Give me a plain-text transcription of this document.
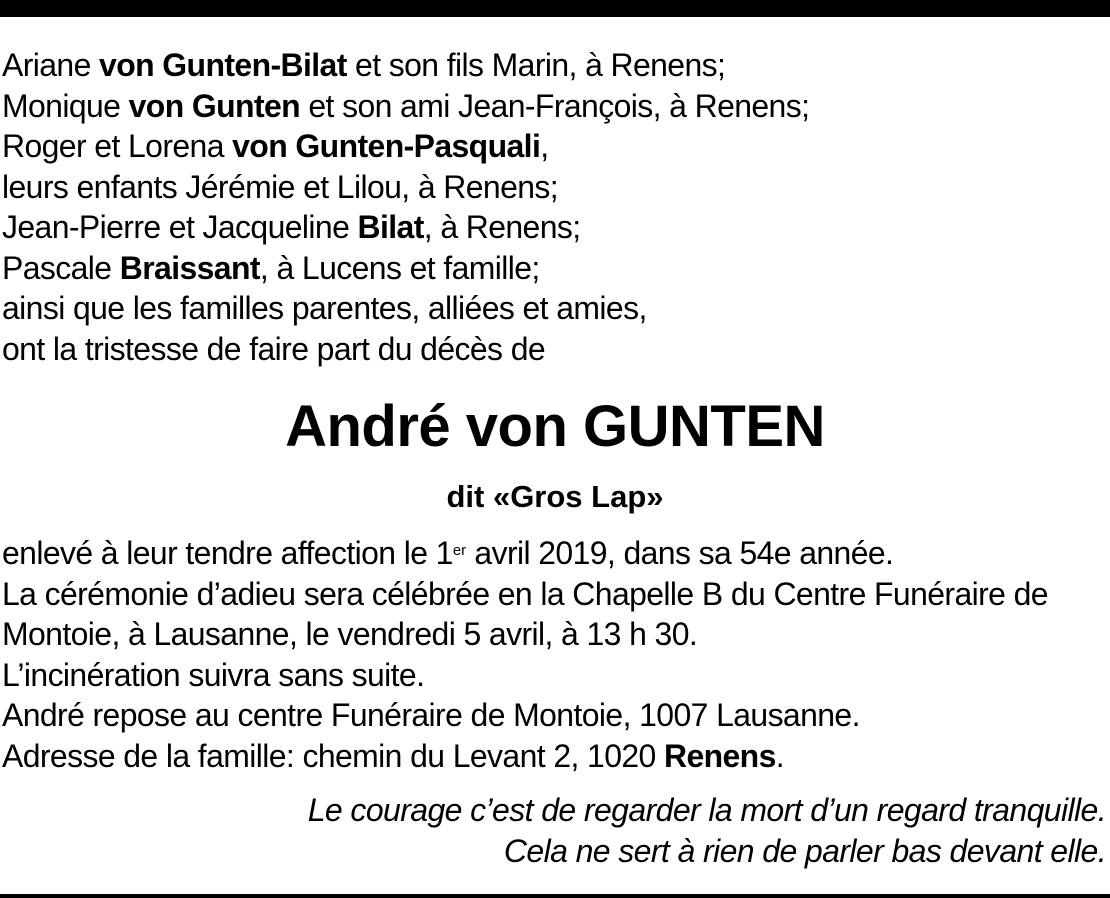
Ariane von Gunten-Bilat et son fils Marin, à Renens;
Monique von Gunten et son ami Jean-François, à Renens;
Roger et Lorena von Gunten-Pasquali,
leurs enfants Jérémie et Lilou, à Renens;
Jean-Pierre et Jacqueline Bilat, à Renens;
Pascale Braissant, à Lucens et famille;
ainsi que les familles parentes, alliées et amies,
ont la tristesse de faire part du décès de
André von GUNTEN
dit «Gros Lap»
enlevé à leur tendre affection le 1er avril 2019, dans sa 54e année.
La cérémonie d’adieu sera célébrée en la Chapelle B du Centre Funéraire de
Montoie, à Lausanne, le vendredi 5 avril, à 13 h 30.
L’incinération suivra sans suite.
André repose au centre Funéraire de Montoie, 1007 Lausanne.
Adresse de la famille: chemin du Levant 2, 1020 Renens.
Le courage c’est de regarder la mort d’un regard tranquille.
Cela ne sert à rien de parler bas devant elle.
